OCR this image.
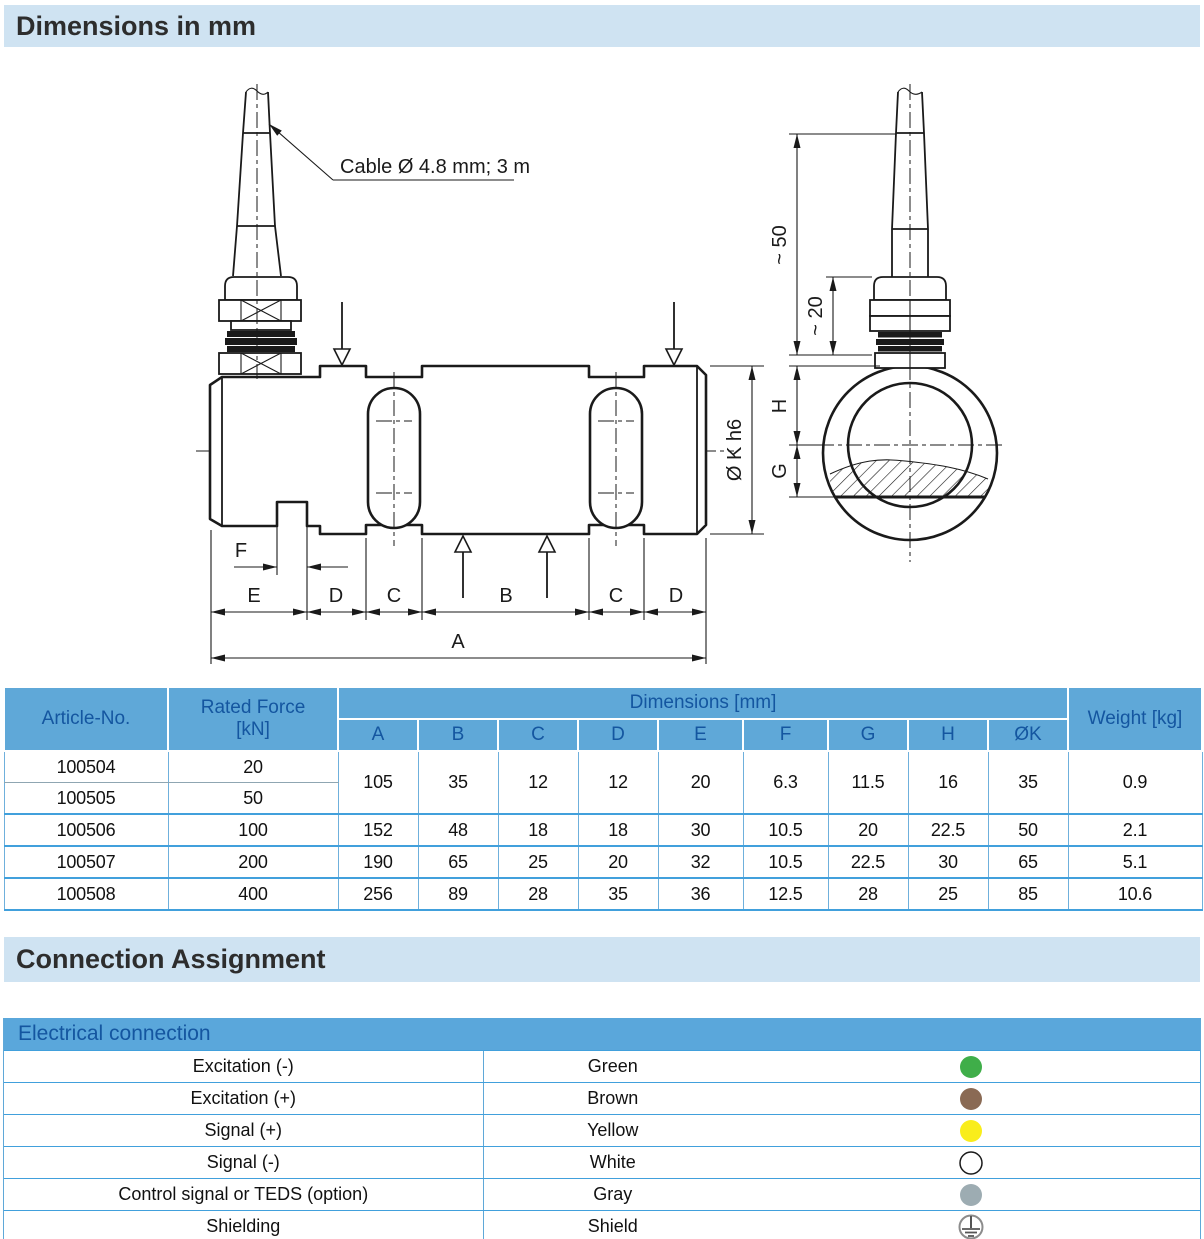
Dimensions in mm
Cable Ø 4.8 mm; 3 m
F
E	D C	B	C D
A
Ø K h6
~ 50
~ 20
H
G
Article-No.	Rated Force
[kN]	Dimensions [mm]									Weight [kg]
		A	B	C	D	E	F	G	H	ØK	
100504	20	105	35	12	12	20	6.3	11.5	16	35	0.9
100505	50										
100506	100	152	48	18	18	30	10.5	20	22.5	50	2.1
100507	200	190	65	25	20	32	10.5	22.5	30	65	5.1
100508	400	256	89	28	35	36	12.5	28	25	85	10.6
Connection Assignment
Electrical connection
Excitation (-)	Green
Excitation (+)	Brown
Signal (+)	Yellow
Signal (-)	White
Control signal or TEDS (option)	Gray
Shielding	Shield
